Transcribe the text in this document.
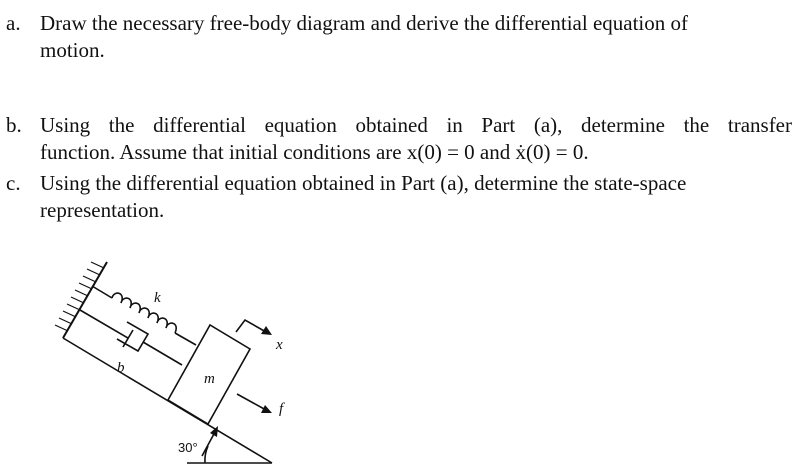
a. Draw the necessary free-body diagram and derive the differential equation of
motion.
b. Using the differential equation obtained in Part (a), determine the transfer
function. Assume that initial conditions are x(0) = 0 and ẋ(0) = 0.
c. Using the differential equation obtained in Part (a), determine the state-space
representation.
k
b
m
x
f
30°
